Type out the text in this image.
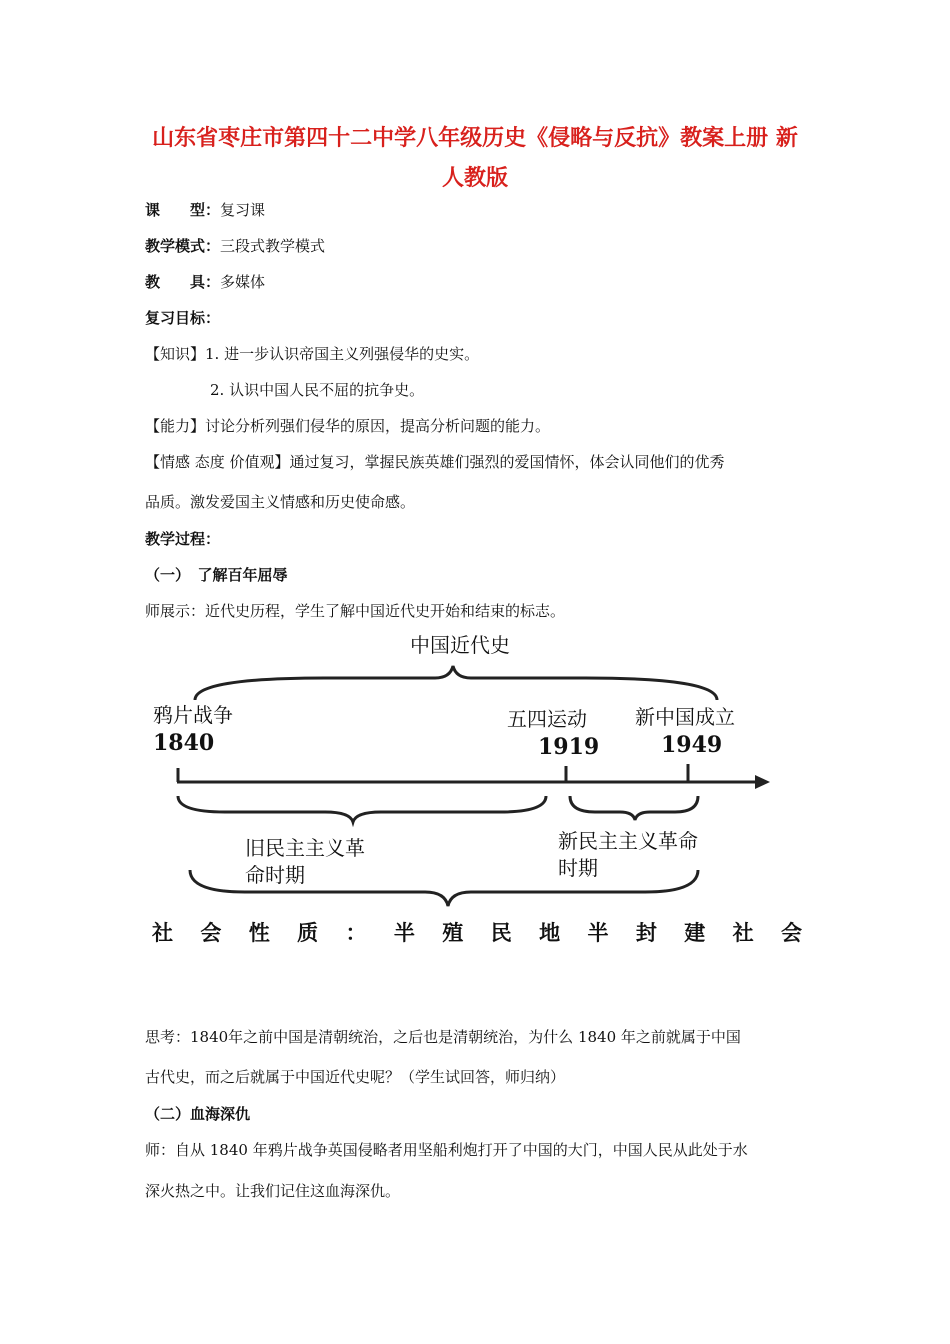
山东省枣庄市第四十二中学八年级历史《侵略与反抗》教案上册 新
人教版
课　　型：复习课
教学模式：三段式教学模式
教　　具：多媒体
复习目标：
【知识】1. 进一步认识帝国主义列强侵华的史实。
2. 认识中国人民不屈的抗争史。
【能力】讨论分析列强们侵华的原因，提高分析问题的能力。
【情感 态度 价值观】通过复习，掌握民族英雄们强烈的爱国情怀，体会认同他们的优秀
品质。激发爱国主义情感和历史使命感。
教学过程：
（一）　了解百年屈辱
师展示：近代史历程，学生了解中国近代史开始和结束的标志。
中国近代史
鸦片战争
1840
五四运动
1919
新中国成立
1949
旧民主主义革
命时期
新民主主义革命
时期
社 会 性 质 ： 半 殖 民 地 半 封 建 社 会
思考：1840年之前中国是清朝统治，之后也是清朝统治，为什么 1840 年之前就属于中国
古代史，而之后就属于中国近代史呢？（学生试回答，师归纳）
（二）血海深仇
师：自从 1840 年鸦片战争英国侵略者用坚船利炮打开了中国的大门，中国人民从此处于水
深火热之中。让我们记住这血海深仇。
